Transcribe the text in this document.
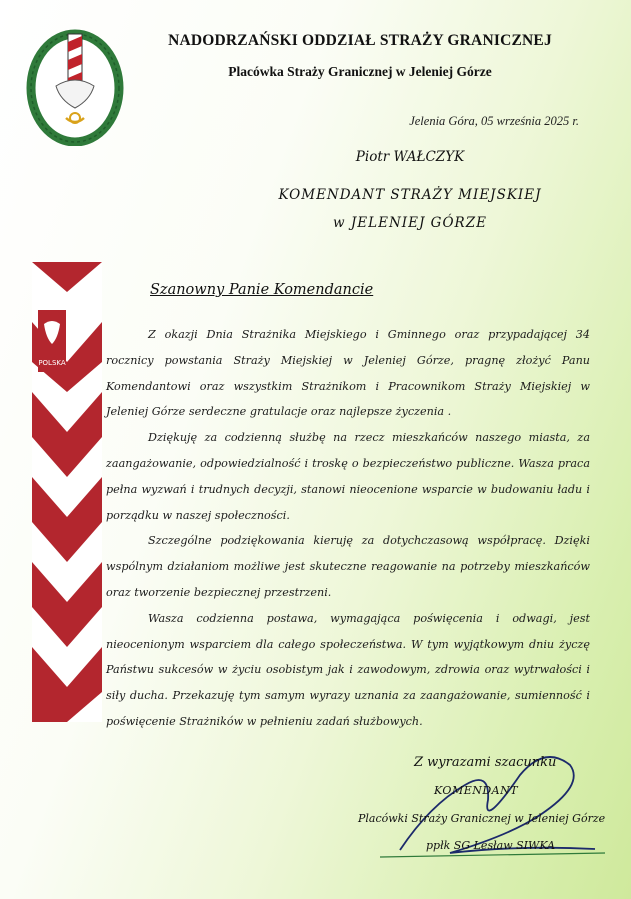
NADODRZAŃSKI ODDZIAŁ STRAŻY GRANICZNEJ
Placówka Straży Granicznej w Jeleniej Górze
Jelenia Góra, 05 września 2025 r.
Piotr WAŁCZYK
KOMENDANT STRAŻY MIEJSKIEJ
w JELENIEJ GÓRZE
POLSKA
Szanowny Panie Komendancie

Z okazji Dnia Strażnika Miejskiego i Gminnego oraz przypadającej 34 rocznicy powstania Straży Miejskiej w Jeleniej Górze, pragnę złożyć Panu Komendantowi oraz wszystkim Strażnikom i Pracownikom Straży Miejskiej w Jeleniej Górze serdeczne gratulacje oraz najlepsze życzenia .

Dziękuję za codzienną służbę na rzecz mieszkańców naszego miasta, za zaangażowanie, odpowiedzialność i troskę o bezpieczeństwo publiczne. Wasza praca pełna wyzwań i trudnych decyzji, stanowi nieocenione wsparcie w budowaniu ładu i porządku w naszej społeczności.

Szczególne podziękowania kieruję za dotychczasową współpracę. Dzięki wspólnym działaniom możliwe jest skuteczne reagowanie na potrzeby mieszkańców oraz tworzenie bezpiecznej przestrzeni.

Wasza codzienna postawa, wymagająca poświęcenia i odwagi, jest nieocenionym wsparciem dla całego społeczeństwa. W tym wyjątkowym dniu życzę Państwu sukcesów w życiu osobistym jak i zawodowym, zdrowia oraz wytrwałości i siły ducha. Przekazuję tym samym wyrazy uznania za zaangażowanie, sumienność i poświęcenie Strażników w pełnieniu zadań służbowych.

Z wyrazami szacunku
KOMENDANT
Placówki Straży Granicznej w Jeleniej Górze
ppłk SG Lesław SIWKA
